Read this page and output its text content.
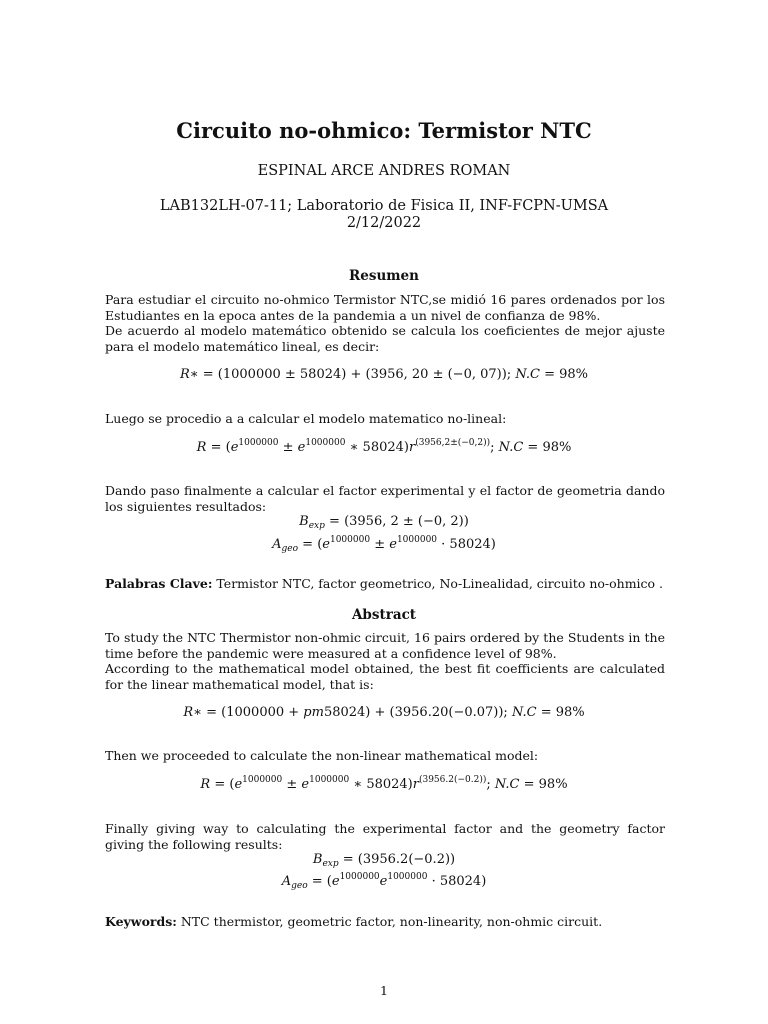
Circuito no-ohmico: Termistor NTC
ESPINAL ARCE ANDRES ROMAN
LAB132LH-07-11; Laboratorio de Fisica II, INF-FCPN-UMSA
2/12/2022
Resumen
Para estudiar el circuito no-ohmico Termistor NTC,se midió 16 pares ordenados por los Estudiantes en la epoca antes de la pandemia a un nivel de confianza de 98%.
De acuerdo al modelo matemático obtenido se calcula los coeficientes de mejor ajuste para el modelo matemático lineal, es decir:
R∗ = (1000000 ± 58024) + (3956, 20 ± (−0, 07)); N.C = 98%
Luego se procedio a a calcular el modelo matematico no-lineal:
$R = (e^{1000000} \pm e^{1000000}$ ∗ $58024)r^{(3956,2\pm(-0,2))}$; N.C = 98%
Dando paso finalmente a calcular el factor experimental y el factor de geometria dando los siguientes resultados:
$B_{exp} = (3956$, 2 ± (−0, 2))
$A_{geo} = (e^{1000000} \pm e^{1000000} \cdot 58024)$
Palabras Clave: Termistor NTC, factor geometrico, No-Linealidad, circuito no-ohmico .
Abstract
To study the NTC Thermistor non-ohmic circuit, 16 pairs ordered by the Students in the time before the pandemic were measured at a confidence level of 98%.
According to the mathematical model obtained, the best fit coefficients are calculated for the linear mathematical model, that is:
R∗ = (1000000 + pm58024) + (3956.20(−0.07)); N.C = 98%
Then we proceeded to calculate the non-linear mathematical model:
$R = (e^{1000000} \pm e^{1000000}$ ∗ $58024)r^{(3956.2(-0.2))}$; N.C = 98%
Finally giving way to calculating the experimental factor and the geometry factor giving the following results:
$B_{exp} = (3956.2(-0.2))$
$A_{geo} = (e^{1000000}e^{1000000} \cdot 58024)$
Keywords: NTC thermistor, geometric factor, non-linearity, non-ohmic circuit.
1
